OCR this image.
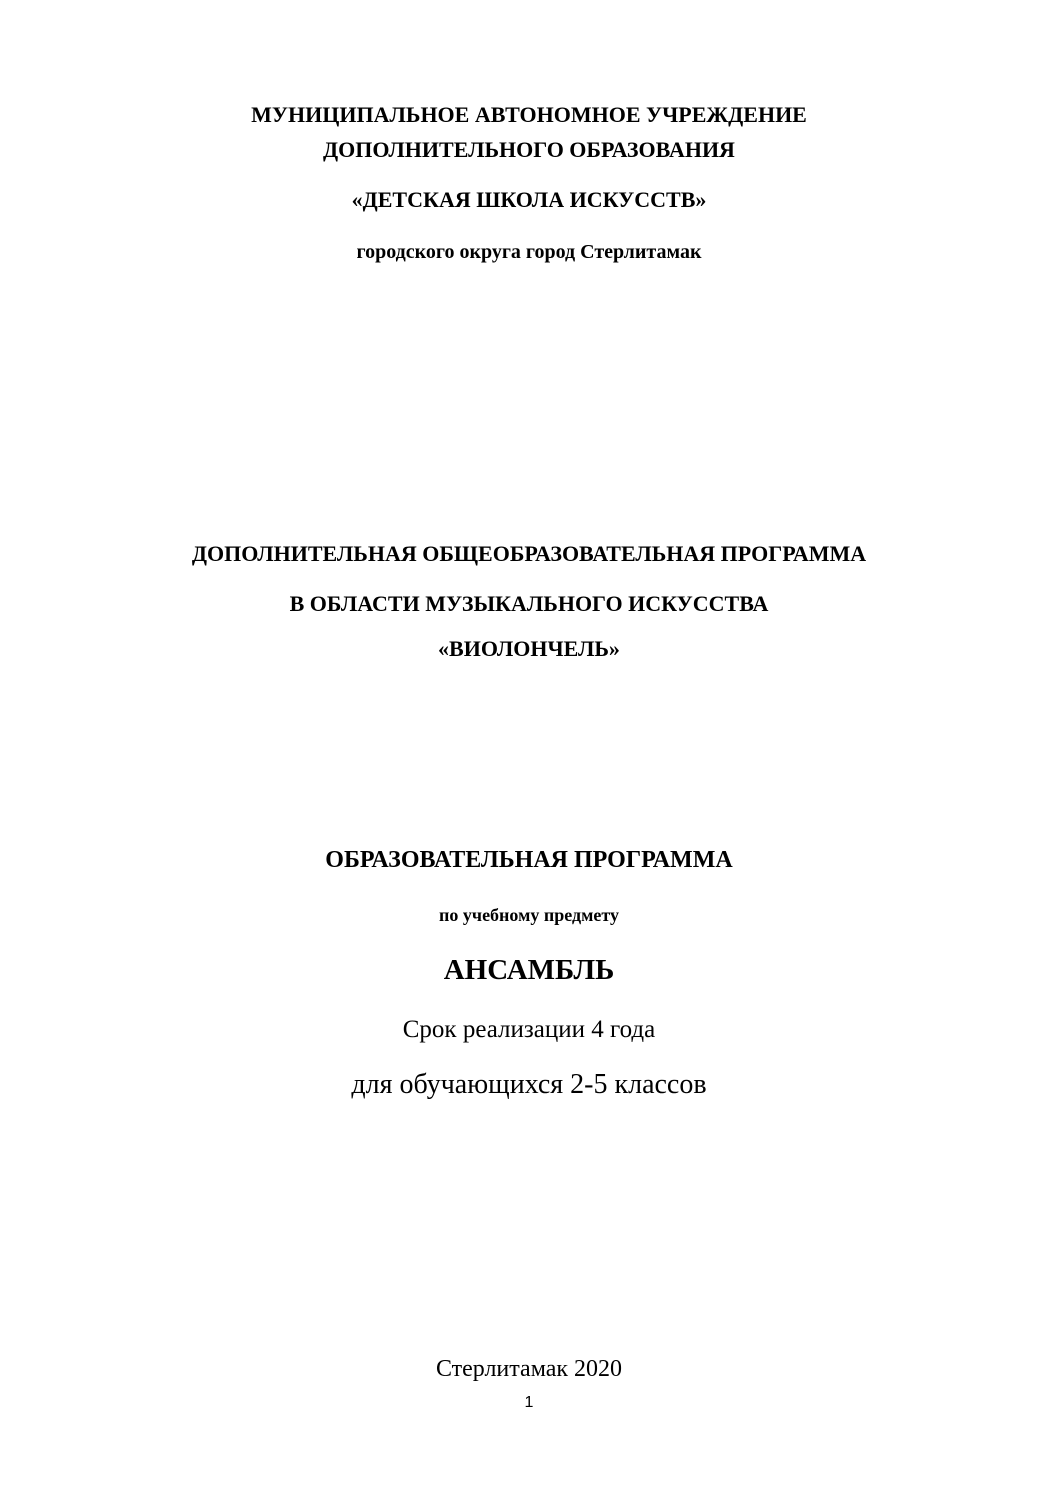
МУНИЦИПАЛЬНОЕ АВТОНОМНОЕ УЧРЕЖДЕНИЕ
ДОПОЛНИТЕЛЬНОГО ОБРАЗОВАНИЯ
«ДЕТСКАЯ ШКОЛА ИСКУССТВ»
городского округа город Стерлитамак
ДОПОЛНИТЕЛЬНАЯ ОБЩЕОБРАЗОВАТЕЛЬНАЯ ПРОГРАММА
В ОБЛАСТИ МУЗЫКАЛЬНОГО ИСКУССТВА
«ВИОЛОНЧЕЛЬ»
ОБРАЗОВАТЕЛЬНАЯ ПРОГРАММА
по учебному предмету
АНСАМБЛЬ
Срок реализации 4 года
для обучающихся 2-5 классов
Стерлитамак 2020
1
